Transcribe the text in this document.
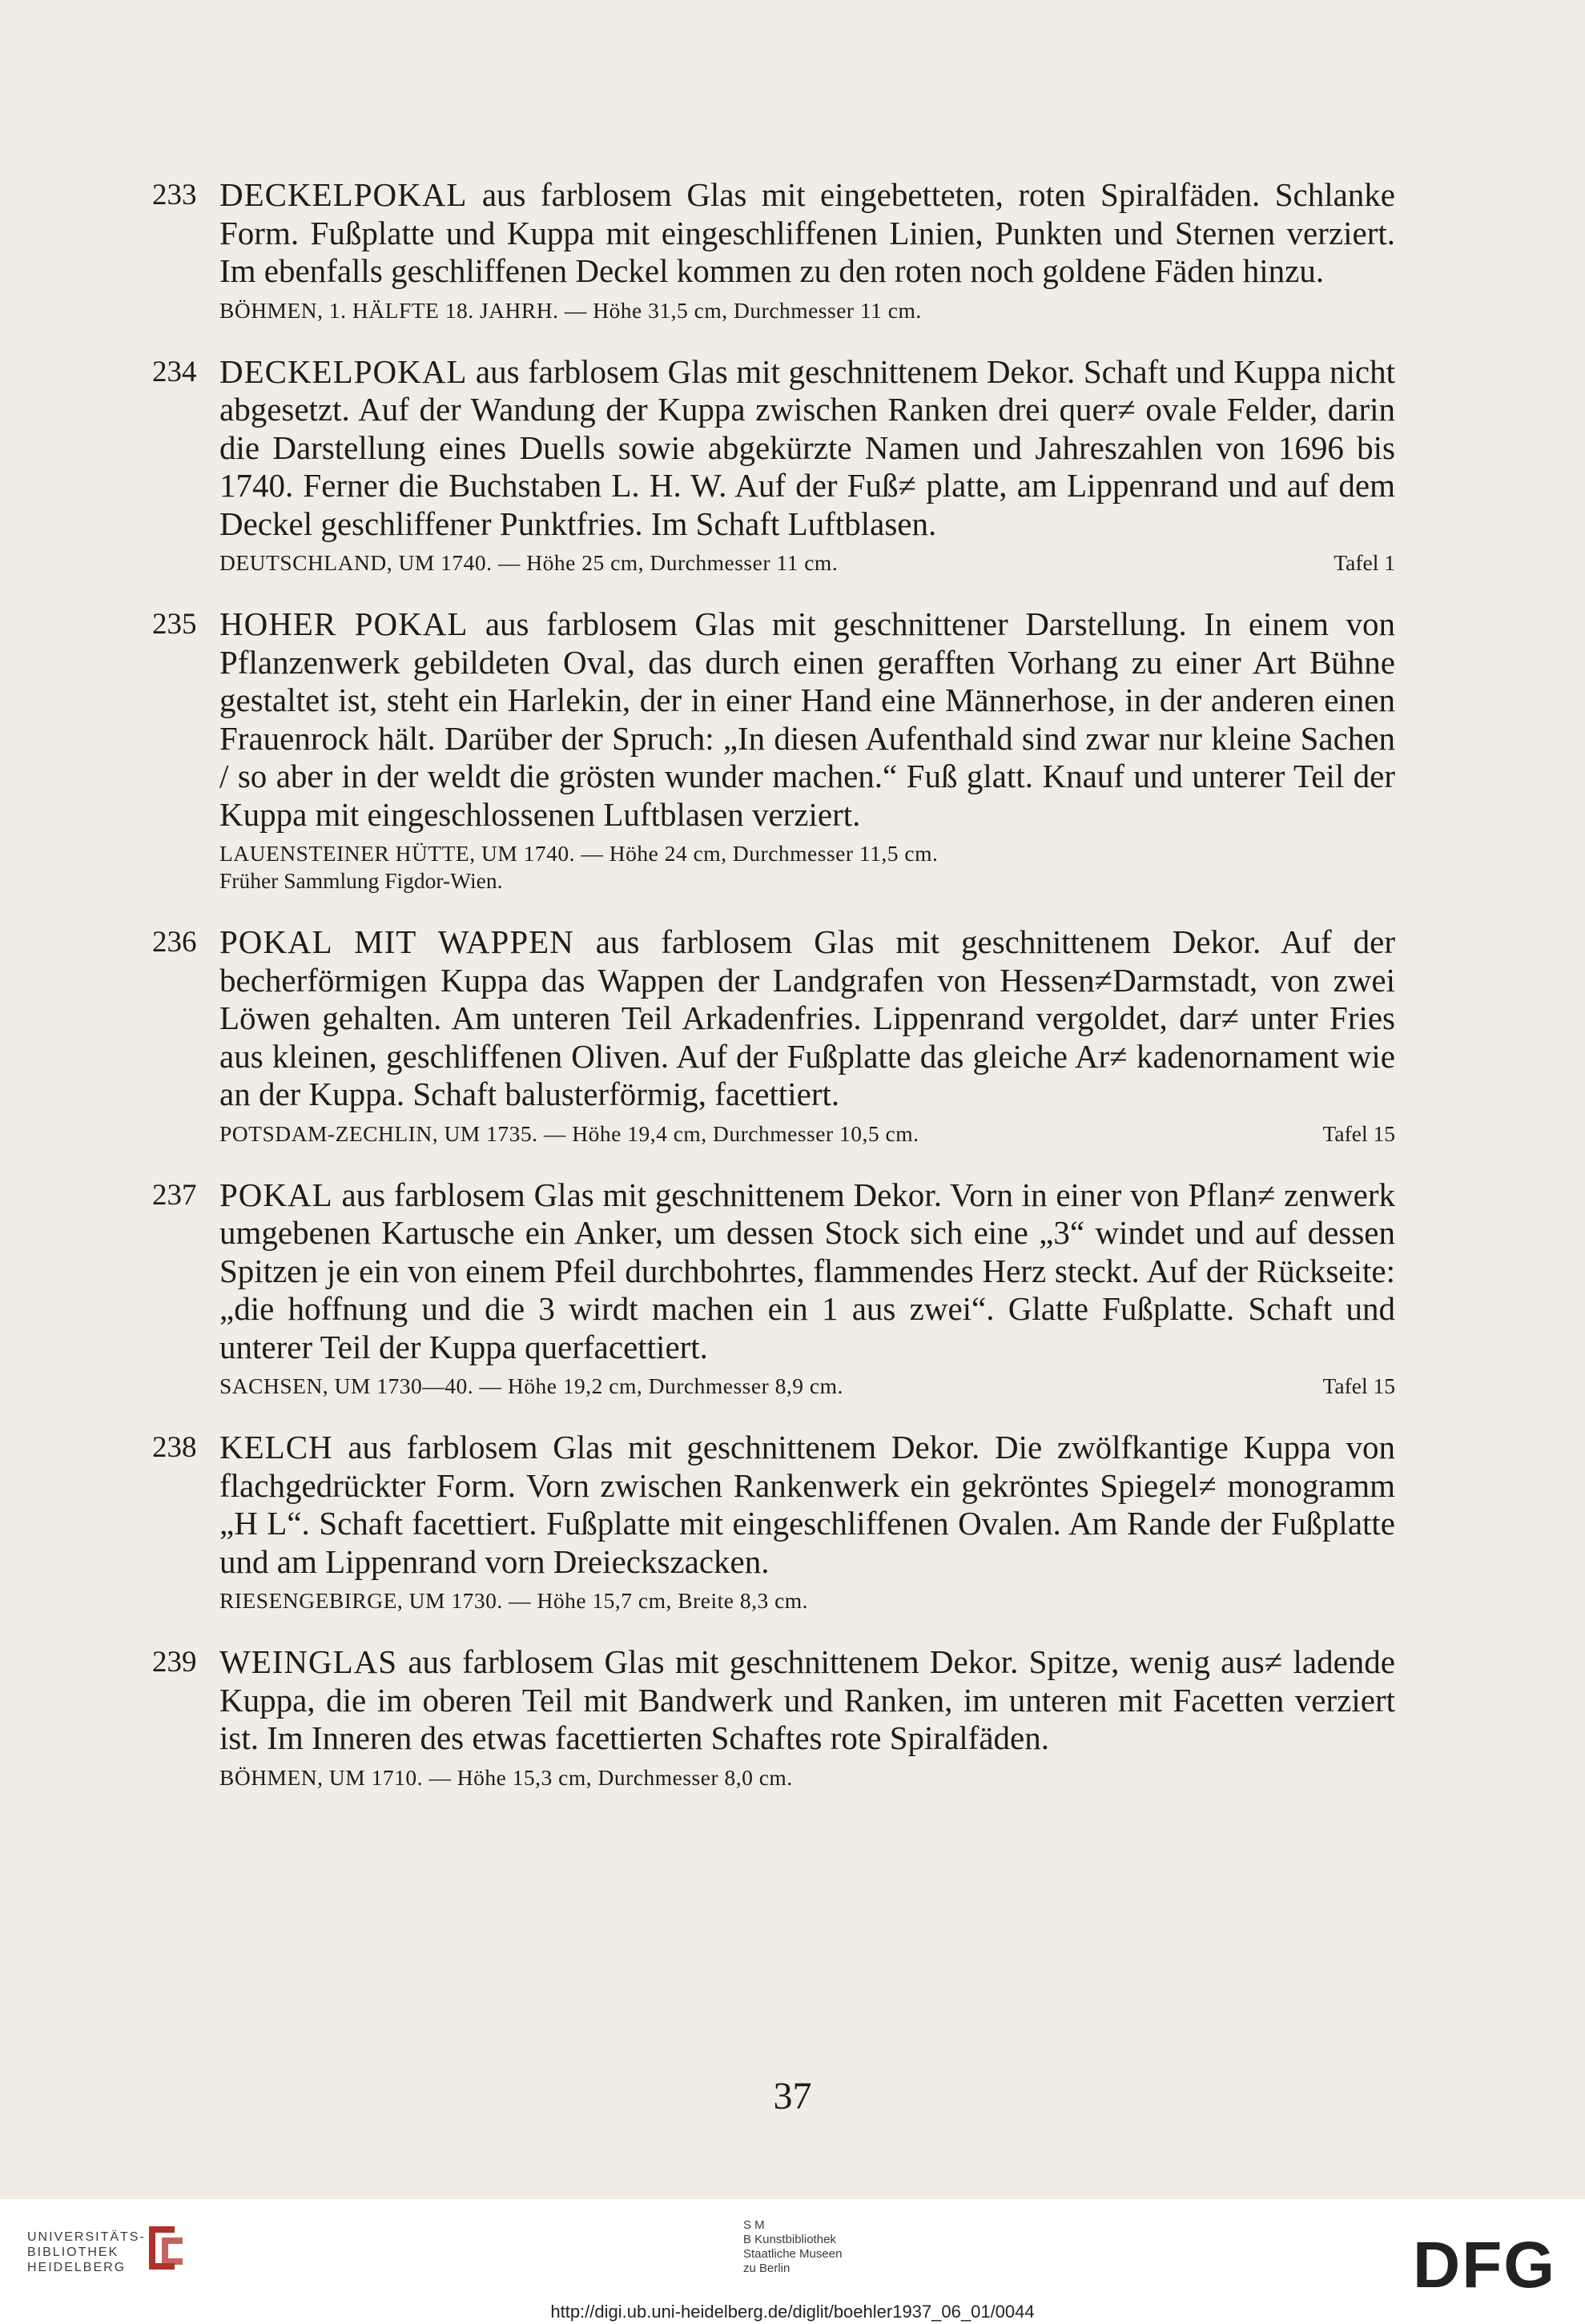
233 DECKELPOKAL aus farblosem Glas mit eingebetteten, roten Spiralfäden. Schlanke Form. Fußplatte und Kuppa mit eingeschliffenen Linien, Punkten und Sternen verziert. Im ebenfalls geschliffenen Deckel kommen zu den roten noch goldene Fäden hinzu.
BÖHMEN, 1. HÄLFTE 18. JAHRH. — Höhe 31,5 cm, Durchmesser 11 cm.
234 DECKELPOKAL aus farblosem Glas mit geschnittenem Dekor. Schaft und Kuppa nicht abgesetzt. Auf der Wandung der Kuppa zwischen Ranken drei quer≠ ovale Felder, darin die Darstellung eines Duells sowie abgekürzte Namen und Jahreszahlen von 1696 bis 1740. Ferner die Buchstaben L. H. W. Auf der Fuß≠ platte, am Lippenrand und auf dem Deckel geschliffener Punktfries. Im Schaft Luftblasen.
DEUTSCHLAND, UM 1740. — Höhe 25 cm, Durchmesser 11 cm.	Tafel 1
235 HOHER POKAL aus farblosem Glas mit geschnittener Darstellung. In einem von Pflanzenwerk gebildeten Oval, das durch einen gerafften Vorhang zu einer Art Bühne gestaltet ist, steht ein Harlekin, der in einer Hand eine Männerhose, in der anderen einen Frauenrock hält. Darüber der Spruch: „In diesen Aufenthald sind zwar nur kleine Sachen / so aber in der weldt die grösten wunder machen.“ Fuß glatt. Knauf und unterer Teil der Kuppa mit eingeschlossenen Luftblasen verziert.
LAUENSTEINER HÜTTE, UM 1740. — Höhe 24 cm, Durchmesser 11,5 cm.
Früher Sammlung Figdor-Wien.
236 POKAL MIT WAPPEN aus farblosem Glas mit geschnittenem Dekor. Auf der becherförmigen Kuppa das Wappen der Landgrafen von Hessen≠Darmstadt, von zwei Löwen gehalten. Am unteren Teil Arkadenfries. Lippenrand vergoldet, dar≠ unter Fries aus kleinen, geschliffenen Oliven. Auf der Fußplatte das gleiche Ar≠ kadenornament wie an der Kuppa. Schaft balusterförmig, facettiert.
POTSDAM-ZECHLIN, UM 1735. — Höhe 19,4 cm, Durchmesser 10,5 cm.	Tafel 15
237 POKAL aus farblosem Glas mit geschnittenem Dekor. Vorn in einer von Pflan≠ zenwerk umgebenen Kartusche ein Anker, um dessen Stock sich eine „3“ windet und auf dessen Spitzen je ein von einem Pfeil durchbohrtes, flammendes Herz steckt. Auf der Rückseite: „die hoffnung und die 3 wirdt machen ein 1 aus zwei“. Glatte Fußplatte. Schaft und unterer Teil der Kuppa querfacettiert.
SACHSEN, UM 1730—40. — Höhe 19,2 cm, Durchmesser 8,9 cm.	Tafel 15
238 KELCH aus farblosem Glas mit geschnittenem Dekor. Die zwölfkantige Kuppa von flachgedrückter Form. Vorn zwischen Rankenwerk ein gekröntes Spiegel≠ monogramm „H L“. Schaft facettiert. Fußplatte mit eingeschliffenen Ovalen. Am Rande der Fußplatte und am Lippenrand vorn Dreieckszacken.
RIESENGEBIRGE, UM 1730. — Höhe 15,7 cm, Breite 8,3 cm.
239 WEINGLAS aus farblosem Glas mit geschnittenem Dekor. Spitze, wenig aus≠ ladende Kuppa, die im oberen Teil mit Bandwerk und Ranken, im unteren mit Facetten verziert ist. Im Inneren des etwas facettierten Schaftes rote Spiralfäden.
BÖHMEN, UM 1710. — Höhe 15,3 cm, Durchmesser 8,0 cm.
37
UNIVERSITÄTS-
BIBLIOTHEK
HEIDELBERG
S M
B Kunstbibliothek
Staatliche Museen
zu Berlin	DFG
http://digi.ub.uni-heidelberg.de/diglit/boehler1937_06_01/0044
